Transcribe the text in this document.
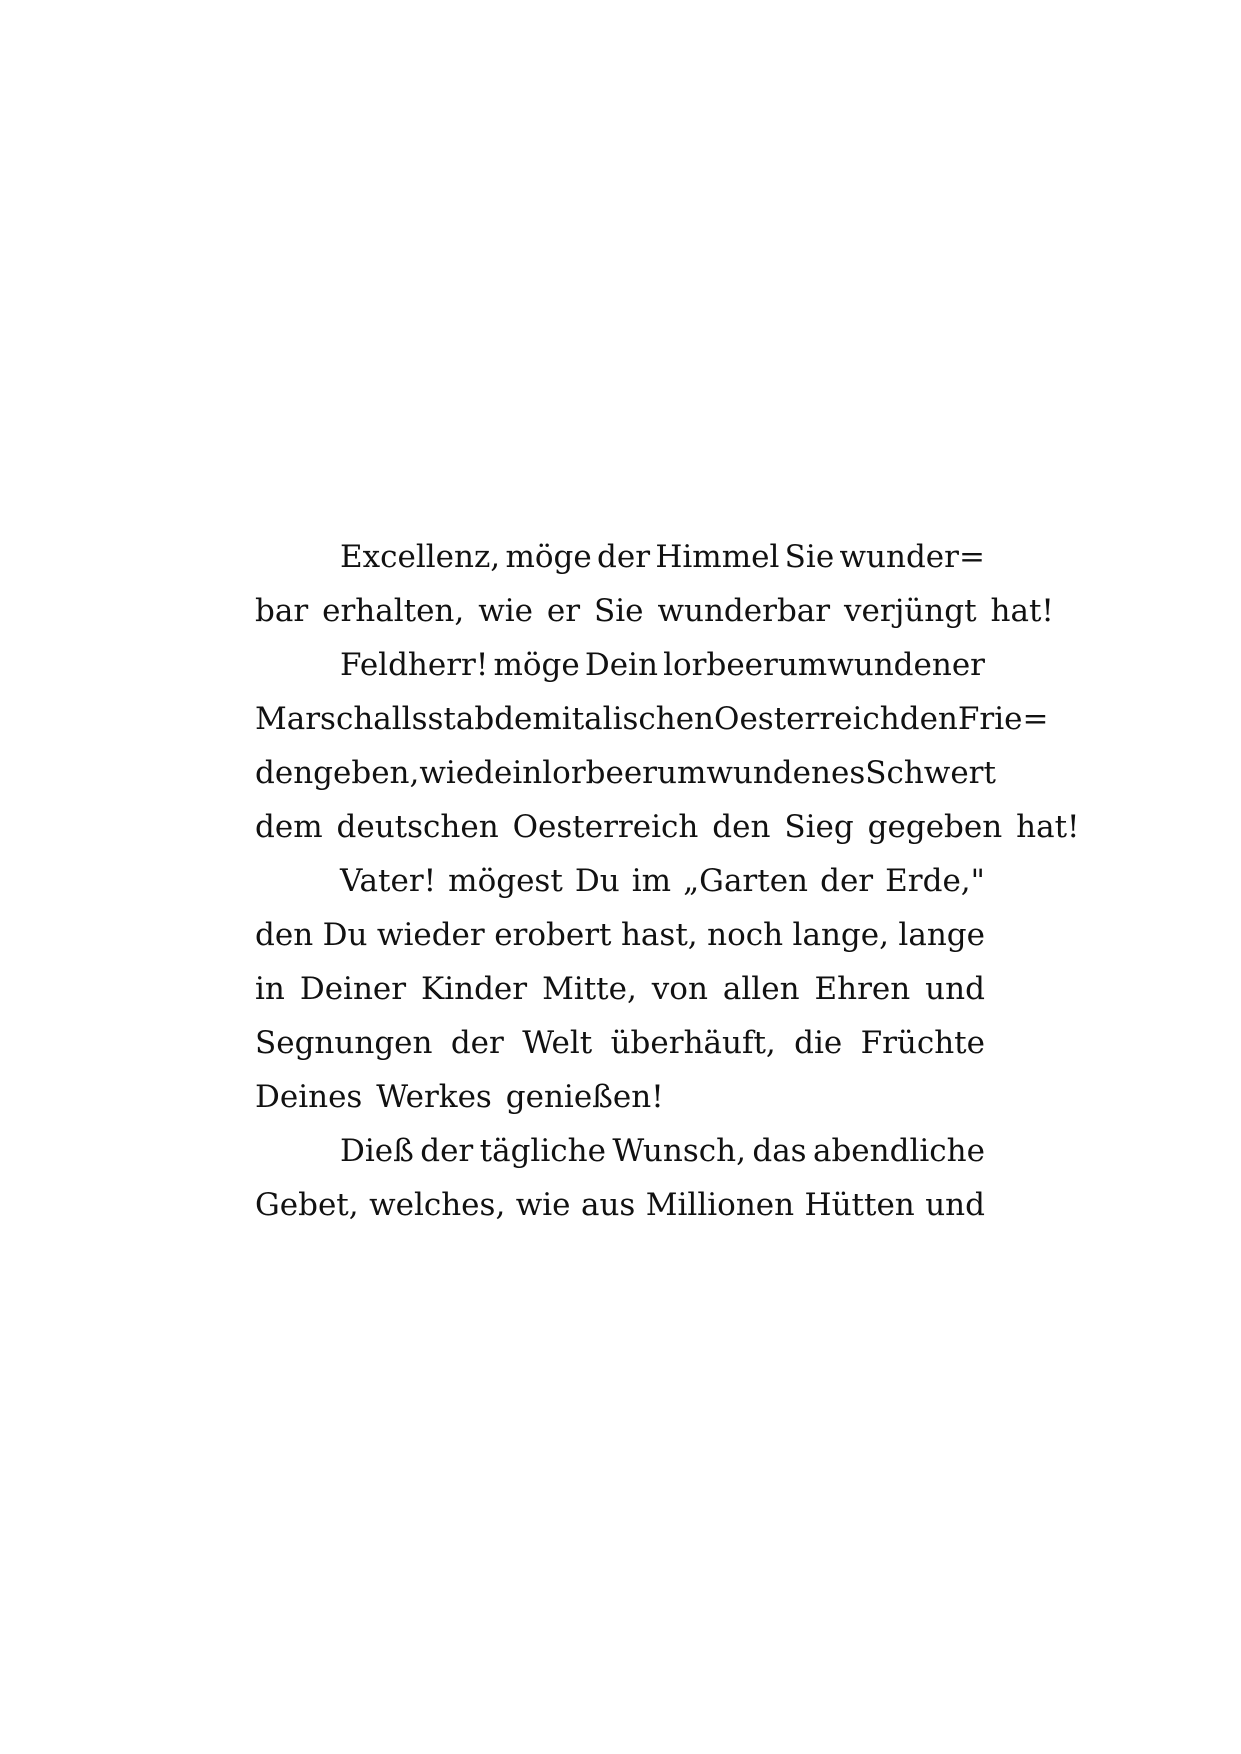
Excellenz, möge der Himmel Sie wunder=
bar erhalten, wie er Sie wunderbar verjüngt hat!
Feldherr! möge Dein lorbeerumwundener
Marschallsstab dem italischen Oesterreich den Frie=
den geben, wie dein lorbeerumwundenes Schwert
dem deutschen Oesterreich den Sieg gegeben hat!
Vater! mögest Du im „Garten der Erde,"
den Du wieder erobert hast, noch lange, lange
in Deiner Kinder Mitte, von allen Ehren und
Segnungen der Welt überhäuft, die Früchte
Deines Werkes genießen!
Dieß der tägliche Wunsch, das abendliche
Gebet, welches, wie aus Millionen Hütten und
